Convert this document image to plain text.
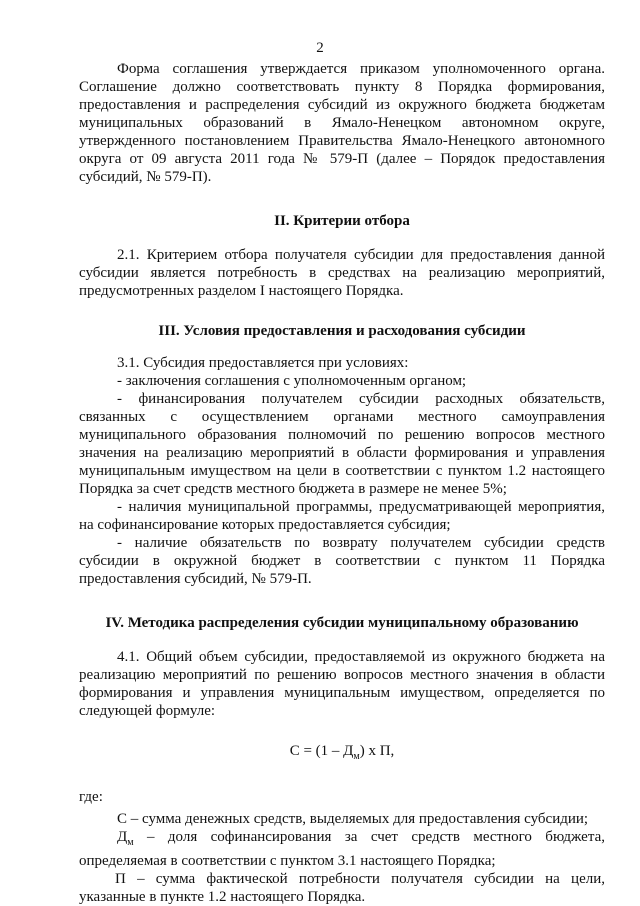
2

Форма соглашения утверждается приказом уполномоченного органа. Соглашение должно соответствовать пункту 8 Порядка формирования, предоставления и распределения субсидий из окружного бюджета бюджетам муниципальных образований в Ямало-Ненецком автономном округе, утвержденного постановлением Правительства Ямало-Ненецкого автономного округа от 09 августа 2011 года № 579-П (далее – Порядок предоставления субсидий, № 579-П).

II. Критерии отбора

2.1. Критерием отбора получателя субсидии для предоставления данной субсидии является потребность в средствах на реализацию мероприятий, предусмотренных разделом I настоящего Порядка.

III. Условия предоставления и расходования субсидии

3.1. Субсидия предоставляется при условиях:

- заключения соглашения с уполномоченным органом;

- финансирования получателем субсидии расходных обязательств, связанных с осуществлением органами местного самоуправления муниципального образования полномочий по решению вопросов местного значения на реализацию мероприятий в области формирования и управления муниципальным имуществом на цели в соответствии с пунктом 1.2 настоящего Порядка за счет средств местного бюджета в размере не менее 5%;

- наличия муниципальной программы, предусматривающей мероприятия, на софинансирование которых предоставляется субсидия;

- наличие обязательств по возврату получателем субсидии средств субсидии в окружной бюджет в соответствии с пунктом 11 Порядка предоставления субсидий, № 579-П.

IV. Методика распределения субсидии муниципальному образованию

4.1. Общий объем субсидии, предоставляемой из окружного бюджета на реализацию мероприятий по решению вопросов местного значения в области формирования и управления муниципальным имуществом, определяется по следующей формуле:

$С = (1 - Д_м)$ х П,

где:

С – сумма денежных средств, выделяемых для предоставления субсидии;

$Д_м$ – доля софинансирования за счет средств местного бюджета, определяемая в соответствии с пунктом 3.1 настоящего Порядка;

П – сумма фактической потребности получателя субсидии на цели, указанные в пункте 1.2 настоящего Порядка.
